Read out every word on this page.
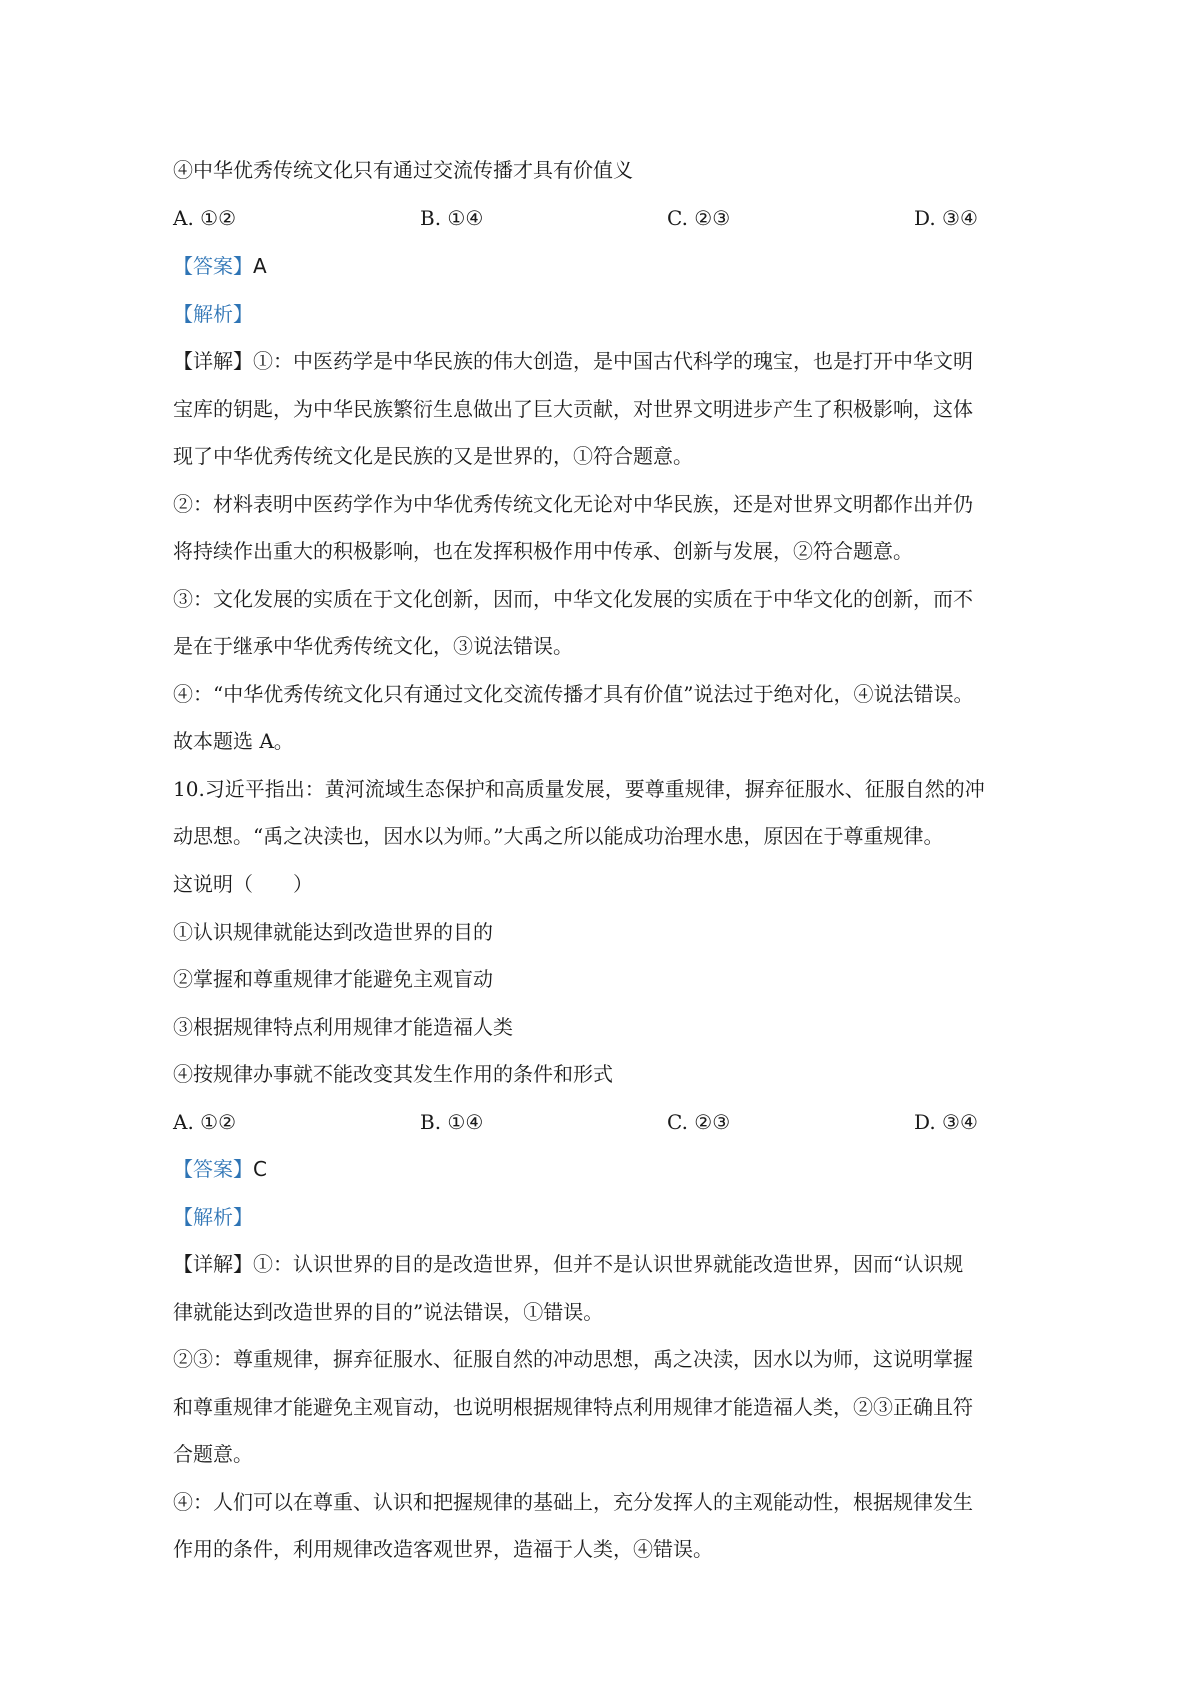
④中华优秀传统文化只有通过交流传播才具有价值义
A. ①②	B. ①④	C. ②③	D. ③④
【答案】A
【解析】
【详解】①：中医药学是中华民族的伟大创造，是中国古代科学的瑰宝，也是打开中华文明
宝库的钥匙，为中华民族繁衍生息做出了巨大贡献，对世界文明进步产生了积极影响，这体
现了中华优秀传统文化是民族的又是世界的，①符合题意。
②：材料表明中医药学作为中华优秀传统文化无论对中华民族，还是对世界文明都作出并仍
将持续作出重大的积极影响，也在发挥积极作用中传承、创新与发展，②符合题意。
③：文化发展的实质在于文化创新，因而，中华文化发展的实质在于中华文化的创新，而不
是在于继承中华优秀传统文化，③说法错误。
④：“中华优秀传统文化只有通过文化交流传播才具有价值”说法过于绝对化，④说法错误。
故本题选 A。
10.习近平指出：黄河流域生态保护和高质量发展，要尊重规律，摒弃征服水、征服自然的冲
动思想。“禹之决渎也，因水以为师。”大禹之所以能成功治理水患，原因在于尊重规律。
这说明（　　）
①认识规律就能达到改造世界的目的
②掌握和尊重规律才能避免主观盲动
③根据规律特点利用规律才能造福人类
④按规律办事就不能改变其发生作用的条件和形式
A. ①②	B. ①④	C. ②③	D. ③④
【答案】C
【解析】
【详解】①：认识世界的目的是改造世界，但并不是认识世界就能改造世界，因而“认识规
律就能达到改造世界的目的”说法错误，①错误。
②③：尊重规律，摒弃征服水、征服自然的冲动思想，禹之决渎，因水以为师，这说明掌握
和尊重规律才能避免主观盲动，也说明根据规律特点利用规律才能造福人类，②③正确且符
合题意。
④：人们可以在尊重、认识和把握规律的基础上，充分发挥人的主观能动性，根据规律发生
作用的条件，利用规律改造客观世界，造福于人类，④错误。
